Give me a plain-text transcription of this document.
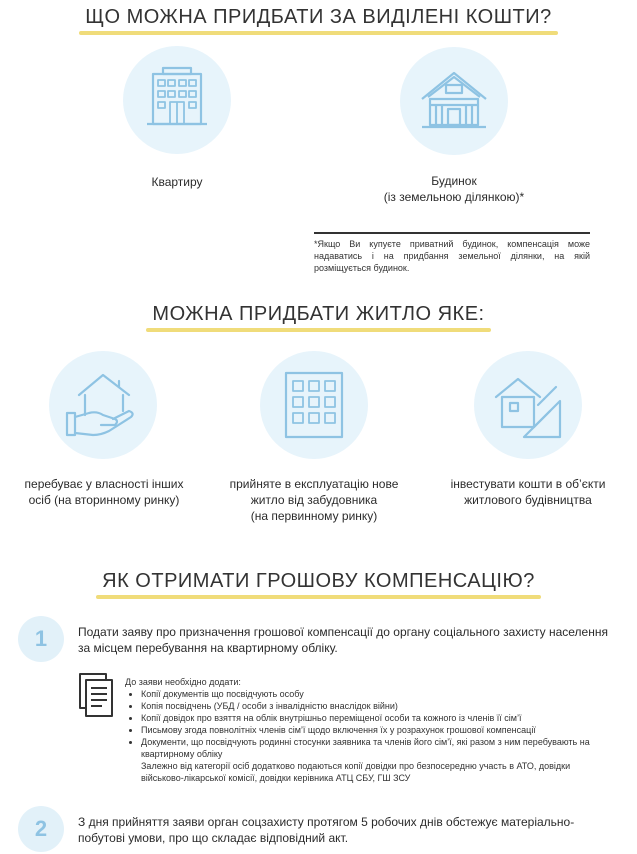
ЩО МОЖНА ПРИДБАТИ ЗА ВИДІЛЕНІ КОШТИ?
Квартиру	Будинок
(із земельною ділянкою)*
*Якщо Ви купуєте приватний будинок, компенсація може надаватись і на придбання земельної ділянки, на якій розміщується будинок.
МОЖНА ПРИДБАТИ ЖИТЛО ЯКЕ:
перебуває у власності інших
осіб (на вторинному ринку)
прийняте в експлуатацію нове
житло від забудовника
(на первинному ринку)
інвестувати кошти в об’єкти
житлового будівництва
ЯК ОТРИМАТИ ГРОШОВУ КОМПЕНСАЦІЮ?
1	Подати заяву про призначення грошової компенсації до органу соціального захисту населення за місцем перебування на квартирному обліку.
До заяви необхідно додати:
• Копії документів що посвідчують особу
• Копія посвідчень (УБД / особи з інвалідністю внаслідок війни)
• Копії довідок про взяття на облік внутрішньо переміщеної особи та кожного із членів її сім’ї
• Письмову згода повнолітніх членів сім’ї щодо включення їх у розрахунок грошової компенсації
• Документи, що посвідчують родинні стосунки заявника та членів його сім’ї, які разом з ним перебувають на квартирному обліку
Залежно від категорії осіб додатково подаються копії довідки про безпосередню участь в АТО, довідки військово-лікарської комісії, довідки керівника АТЦ СБУ, ГШ ЗСУ
2	З дня прийняття заяви орган соцзахисту протягом 5 робочих днів обстежує матеріально-побутові умови, про що складає відповідний акт.
